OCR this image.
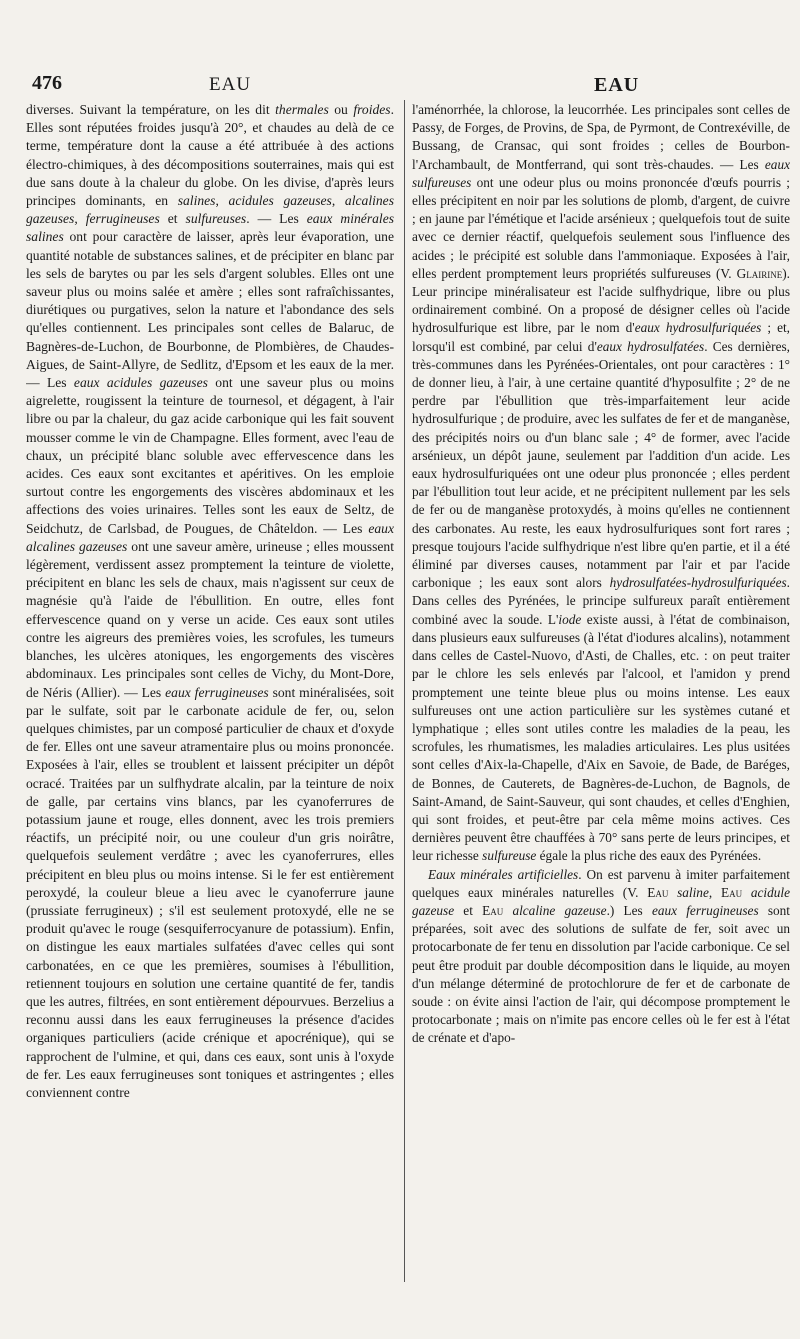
476	EAU	EAU

diverses. Suivant la température, on les dit thermales ou froides. Elles sont réputées froides jusqu'à 20°, et chaudes au delà de ce terme, température dont la cause a été attribuée à des actions électro-chimiques, à des décompositions souterraines, mais qui est due sans doute à la chaleur du globe. On les divise, d'après leurs principes dominants, en salines, acidules gazeuses, alcalines gazeuses, ferrugineuses et sulfureuses. — Les eaux minérales salines ont pour caractère de laisser, après leur évaporation, une quantité notable de substances salines, et de précipiter en blanc par les sels de barytes ou par les sels d'argent solubles. Elles ont une saveur plus ou moins salée et amère ; elles sont rafraîchissantes, diurétiques ou purgatives, selon la nature et l'abondance des sels qu'elles contiennent. Les principales sont celles de Balaruc, de Bagnères-de-Luchon, de Bourbonne, de Plombières, de Chaudes-Aigues, de Saint-Allyre, de Sedlitz, d'Epsom et les eaux de la mer. — Les eaux acidules gazeuses ont une saveur plus ou moins aigrelette, rougissent la teinture de tournesol, et dégagent, à l'air libre ou par la chaleur, du gaz acide carbonique qui les fait souvent mousser comme le vin de Champagne. Elles forment, avec l'eau de chaux, un précipité blanc soluble avec effervescence dans les acides. Ces eaux sont excitantes et apéritives. On les emploie surtout contre les engorgements des viscères abdominaux et les affections des voies urinaires. Telles sont les eaux de Seltz, de Seidchutz, de Carlsbad, de Pougues, de Châteldon. — Les eaux alcalines gazeuses ont une saveur amère, urineuse ; elles moussent légèrement, verdissent assez promptement la teinture de violette, précipitent en blanc les sels de chaux, mais n'agissent sur ceux de magnésie qu'à l'aide de l'ébullition. En outre, elles font effervescence quand on y verse un acide. Ces eaux sont utiles contre les aigreurs des premières voies, les scrofules, les tumeurs blanches, les ulcères atoniques, les engorgements des viscères abdominaux. Les principales sont celles de Vichy, du Mont-Dore, de Néris (Allier). — Les eaux ferrugineuses sont minéralisées, soit par le sulfate, soit par le carbonate acidule de fer, ou, selon quelques chimistes, par un composé particulier de chaux et d'oxyde de fer. Elles ont une saveur atramentaire plus ou moins prononcée. Exposées à l'air, elles se troublent et laissent précipiter un dépôt ocracé. Traitées par un sulfhydrate alcalin, par la teinture de noix de galle, par certains vins blancs, par les cyanoferrures de potassium jaune et rouge, elles donnent, avec les trois premiers réactifs, un précipité noir, ou une couleur d'un gris noirâtre, quelquefois seulement verdâtre ; avec les cyanoferrures, elles précipitent en bleu plus ou moins intense. Si le fer est entièrement peroxydé, la couleur bleue a lieu avec le cyanoferrure jaune (prussiate ferrugineux) ; s'il est seulement protoxydé, elle ne se produit qu'avec le rouge (sesquiferrocyanure de potassium). Enfin, on distingue les eaux martiales sulfatées d'avec celles qui sont carbonatées, en ce que les premières, soumises à l'ébullition, retiennent toujours en solution une certaine quantité de fer, tandis que les autres, filtrées, en sont entièrement dépourvues. Berzelius a reconnu aussi dans les eaux ferrugineuses la présence d'acides organiques particuliers (acide crénique et apocrénique), qui se rapprochent de l'ulmine, et qui, dans ces eaux, sont unis à l'oxyde de fer. Les eaux ferrugineuses sont toniques et astringentes ; elles conviennent contre

l'aménorrhée, la chlorose, la leucorrhée. Les principales sont celles de Passy, de Forges, de Provins, de Spa, de Pyrmont, de Contrexéville, de Bussang, de Cransac, qui sont froides ; celles de Bourbon-l'Archambault, de Montferrand, qui sont très-chaudes. — Les eaux sulfureuses ont une odeur plus ou moins prononcée d'œufs pourris ; elles précipitent en noir par les solutions de plomb, d'argent, de cuivre ; en jaune par l'émétique et l'acide arsénieux ; quelquefois tout de suite avec ce dernier réactif, quelquefois seulement sous l'influence des acides ; le précipité est soluble dans l'ammoniaque. Exposées à l'air, elles perdent promptement leurs propriétés sulfureuses (V. Glairine). Leur principe minéralisateur est l'acide sulfhydrique, libre ou plus ordinairement combiné. On a proposé de désigner celles où l'acide hydrosulfurique est libre, par le nom d'eaux hydrosulfuriquées ; et, lorsqu'il est combiné, par celui d'eaux hydrosulfatées. Ces dernières, très-communes dans les Pyrénées-Orientales, ont pour caractères : 1° de donner lieu, à l'air, à une certaine quantité d'hyposulfite ; 2° de ne perdre par l'ébullition que très-imparfaitement leur acide hydrosulfurique ; de produire, avec les sulfates de fer et de manganèse, des précipités noirs ou d'un blanc sale ; 4° de former, avec l'acide arsénieux, un dépôt jaune, seulement par l'addition d'un acide. Les eaux hydrosulfuriquées ont une odeur plus prononcée ; elles perdent par l'ébullition tout leur acide, et ne précipitent nullement par les sels de fer ou de manganèse protoxydés, à moins qu'elles ne contiennent des carbonates. Au reste, les eaux hydrosulfuriques sont fort rares ; presque toujours l'acide sulfhydrique n'est libre qu'en partie, et il a été éliminé par diverses causes, notamment par l'air et par l'acide carbonique ; les eaux sont alors hydrosulfatées-hydrosulfuriquées. Dans celles des Pyrénées, le principe sulfureux paraît entièrement combiné avec la soude. L'iode existe aussi, à l'état de combinaison, dans plusieurs eaux sulfureuses (à l'état d'iodures alcalins), notamment dans celles de Castel-Nuovo, d'Asti, de Challes, etc. : on peut traiter par le chlore les sels enlevés par l'alcool, et l'amidon y prend promptement une teinte bleue plus ou moins intense. Les eaux sulfureuses ont une action particulière sur les systèmes cutané et lymphatique ; elles sont utiles contre les maladies de la peau, les scrofules, les rhumatismes, les maladies articulaires. Les plus usitées sont celles d'Aix-la-Chapelle, d'Aix en Savoie, de Bade, de Baréges, de Bonnes, de Cauterets, de Bagnères-de-Luchon, de Bagnols, de Saint-Amand, de Saint-Sauveur, qui sont chaudes, et celles d'Enghien, qui sont froides, et peut-être par cela même moins actives. Ces dernières peuvent être chauffées à 70° sans perte de leurs principes, et leur richesse sulfureuse égale la plus riche des eaux des Pyrénées.

Eaux minérales artificielles. On est parvenu à imiter parfaitement quelques eaux minérales naturelles (V. Eau saline, Eau acidule gazeuse et Eau alcaline gazeuse.) Les eaux ferrugineuses sont préparées, soit avec des solutions de sulfate de fer, soit avec un protocarbonate de fer tenu en dissolution par l'acide carbonique. Ce sel peut être produit par double décomposition dans le liquide, au moyen d'un mélange déterminé de protochlorure de fer et de carbonate de soude : on évite ainsi l'action de l'air, qui décompose promptement le protocarbonate ; mais on n'imite pas encore celles où le fer est à l'état de crénate et d'apo-
